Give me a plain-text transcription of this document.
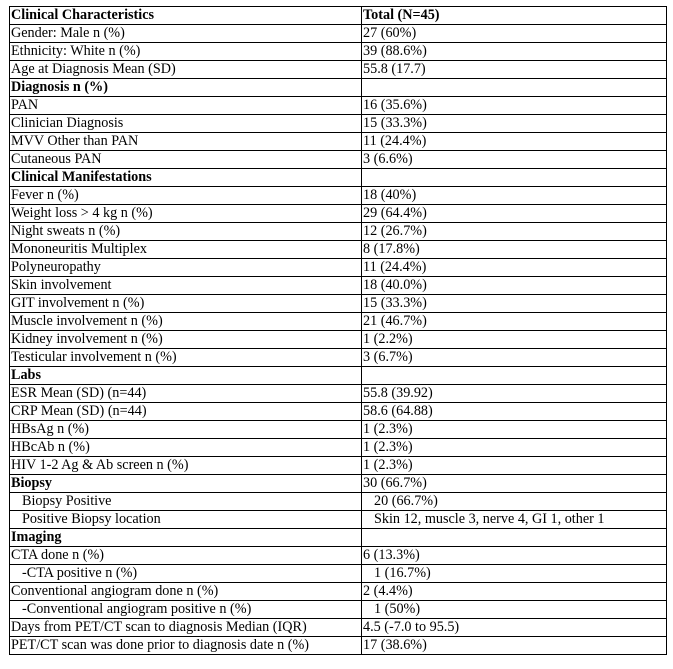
Clinical Characteristics	Total (N=45)
Gender: Male n (%)	27 (60%)
Ethnicity: White n (%)	39 (88.6%)
Age at Diagnosis Mean (SD)	55.8 (17.7)
Diagnosis n (%)	
PAN	16 (35.6%)
Clinician Diagnosis	15 (33.3%)
MVV Other than PAN	11 (24.4%)
Cutaneous PAN	3 (6.6%)
Clinical Manifestations	
Fever n (%)	18 (40%)
Weight loss > 4 kg n (%)	29 (64.4%)
Night sweats n (%)	12 (26.7%)
Mononeuritis Multiplex	8 (17.8%)
Polyneuropathy	11 (24.4%)
Skin involvement	18 (40.0%)
GIT involvement n (%)	15 (33.3%)
Muscle involvement n (%)	21 (46.7%)
Kidney involvement n (%)	1 (2.2%)
Testicular involvement n (%)	3 (6.7%)
Labs	
ESR Mean (SD) (n=44)	55.8 (39.92)
CRP Mean (SD) (n=44)	58.6 (64.88)
HBsAg n (%)	1 (2.3%)
HBcAb n (%)	1 (2.3%)
HIV 1-2 Ag & Ab screen n (%)	1 (2.3%)
Biopsy	30 (66.7%)
Biopsy Positive	20 (66.7%)
Positive Biopsy location	Skin 12, muscle 3, nerve 4, GI 1, other 1
Imaging	
CTA done n (%)	6 (13.3%)
-CTA positive n (%)	1 (16.7%)
Conventional angiogram done n (%)	2 (4.4%)
-Conventional angiogram positive n (%)	1 (50%)
Days from PET/CT scan to diagnosis Median (IQR)	4.5 (-7.0 to 95.5)
PET/CT scan was done prior to diagnosis date n (%)	17 (38.6%)
